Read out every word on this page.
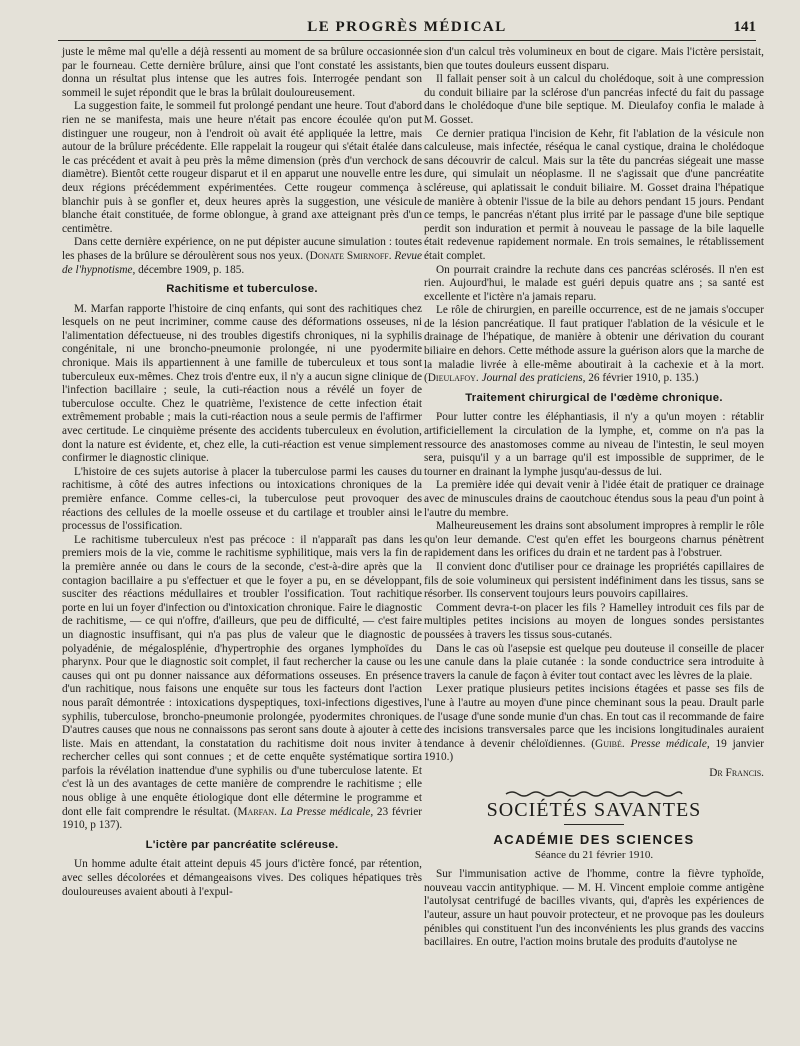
LE PROGRÈS MÉDICAL	141

juste le même mal qu'elle a déjà ressenti au moment de sa brûlure occasionnée par le fourneau. Cette dernière brûlure, ainsi que l'ont constaté les assistants, donna un résultat plus intense que les autres fois. Interrogée pendant son sommeil le sujet répondit que le bras la brûlait douloureusement.

La suggestion faite, le sommeil fut prolongé pendant une heure. Tout d'abord rien ne se manifesta, mais une heure n'était pas encore écoulée qu'on put distinguer une rougeur, non à l'endroit où avait été appliquée la lettre, mais autour de la brûlure précédente. Elle rappelait la rougeur qui s'était étalée dans le cas précédent et avait à peu près la même dimension (près d'un verchock de diamètre). Bientôt cette rougeur disparut et il en apparut une nouvelle entre les deux régions précédemment expérimentées. Cette rougeur commença à blanchir puis à se gonfler et, deux heures après la suggestion, une vésicule blanche était constituée, de forme oblongue, à grand axe atteignant près d'un centimètre.

Dans cette dernière expérience, on ne put dépister aucune simulation : toutes les phases de la brûlure se déroulèrent sous nos yeux. (Donate Smirnoff. Revue de l'hypnotisme, décembre 1909, p. 185.

Rachitisme et tuberculose.

M. Marfan rapporte l'histoire de cinq enfants, qui sont des rachitiques chez lesquels on ne peut incriminer, comme cause des déformations osseuses, ni l'alimentation défectueuse, ni des troubles digestifs chroniques, ni la syphilis congénitale, ni une broncho-pneumonie prolongée, ni une pyodermite chronique. Mais ils appartiennent à une famille de tuberculeux et tous sont tuberculeux eux-mêmes. Chez trois d'entre eux, il n'y a aucun signe clinique de l'infection bacillaire ; seule, la cuti-réaction nous a révélé un foyer de tuberculose occulte. Chez le quatrième, l'existence de cette infection était extrêmement probable ; mais la cuti-réaction nous a seule permis de l'affirmer avec certitude. Le cinquième présente des accidents tuberculeux en évolution, dont la nature est évidente, et, chez elle, la cuti-réaction est venue simplement confirmer le diagnostic clinique.

L'histoire de ces sujets autorise à placer la tuberculose parmi les causes du rachitisme, à côté des autres infections ou intoxications chroniques de la première enfance. Comme celles-ci, la tuberculose peut provoquer des réactions des cellules de la moelle osseuse et du cartilage et troubler ainsi le processus de l'ossification.

Le rachitisme tuberculeux n'est pas précoce : il n'apparaît pas dans les premiers mois de la vie, comme le rachitisme syphilitique, mais vers la fin de la première année ou dans le cours de la seconde, c'est-à-dire après que la contagion bacillaire a pu s'effectuer et que le foyer a pu, en se développant, susciter des réactions médullaires et troubler l'ossification. Tout rachitique porte en lui un foyer d'infection ou d'intoxication chronique. Faire le diagnostic de rachitisme, — ce qui n'offre, d'ailleurs, que peu de difficulté, — c'est faire un diagnostic insuffisant, qui n'a pas plus de valeur que le diagnostic de polyadénie, de mégalosplénie, d'hypertrophie des organes lymphoïdes du pharynx. Pour que le diagnostic soit complet, il faut rechercher la cause ou les causes qui ont pu donner naissance aux déformations osseuses. En présence d'un rachitique, nous faisons une enquête sur tous les facteurs dont l'action nous paraît démontrée : intoxications dyspeptiques, toxi-infections digestives, syphilis, tuberculose, broncho-pneumonie prolongée, pyodermites chroniques. D'autres causes que nous ne connaissons pas seront sans doute à ajouter à cette liste. Mais en attendant, la constatation du rachitisme doit nous inviter à rechercher celles qui sont connues ; et de cette enquête systématique sortira parfois la révélation inattendue d'une syphilis ou d'une tuberculose latente. Et c'est là un des avantages de cette manière de comprendre le rachitisme ; elle nous oblige à une enquête étiologique dont elle détermine le programme et dont elle fait comprendre le résultat. (Marfan. La Presse médicale, 23 février 1910, p 137).

L'ictère par pancréatite scléreuse.

Un homme adulte était atteint depuis 45 jours d'ictère foncé, par rétention, avec selles décolorées et démangeaisons vives. Des coliques hépatiques très douloureuses avaient abouti à l'expul-

sion d'un calcul très volumineux en bout de cigare. Mais l'ictère persistait, bien que toutes douleurs eussent disparu.

Il fallait penser soit à un calcul du cholédoque, soit à une compression du conduit biliaire par la sclérose d'un pancréas infecté du fait du passage dans le cholédoque d'une bile septique. M. Dieulafoy confia le malade à M. Gosset.

Ce dernier pratiqua l'incision de Kehr, fit l'ablation de la vésicule non calculeuse, mais infectée, réséqua le canal cystique, draina le cholédoque sans découvrir de calcul. Mais sur la tête du pancréas siégeait une masse dure, qui simulait un néoplasme. Il ne s'agissait que d'une pancréatite scléreuse, qui aplatissait le conduit biliaire. M. Gosset draina l'hépatique de manière à obtenir l'issue de la bile au dehors pendant 15 jours. Pendant ce temps, le pancréas n'étant plus irrité par le passage d'une bile septique perdit son induration et permit à nouveau le passage de la bile laquelle était redevenue rapidement normale. En trois semaines, le rétablissement était complet.

On pourrait craindre la rechute dans ces pancréas sclérosés. Il n'en est rien. Aujourd'hui, le malade est guéri depuis quatre ans ; sa santé est excellente et l'ictère n'a jamais reparu.

Le rôle de chirurgien, en pareille occurrence, est de ne jamais s'occuper de la lésion pancréatique. Il faut pratiquer l'ablation de la vésicule et le drainage de l'hépatique, de manière à obtenir une dérivation du courant biliaire en dehors. Cette méthode assure la guérison alors que la marche de la maladie livrée à elle-même aboutirait à la cachexie et à la mort. (Dieulafoy. Journal des praticiens, 26 février 1910, p. 135.)

Traitement chirurgical de l'œdème chronique.

Pour lutter contre les éléphantiasis, il n'y a qu'un moyen : rétablir artificiellement la circulation de la lymphe, et, comme on n'a pas la ressource des anastomoses comme au niveau de l'intestin, le seul moyen sera, puisqu'il y a un barrage qu'il est impossible de supprimer, de le tourner en drainant la lymphe jusqu'au-dessus de lui.

La première idée qui devait venir à l'idée était de pratiquer ce drainage avec de minuscules drains de caoutchouc étendus sous la peau d'un point à l'autre du membre.

Malheureusement les drains sont absolument impropres à remplir le rôle qu'on leur demande. C'est qu'en effet les bourgeons charnus pénètrent rapidement dans les orifices du drain et ne tardent pas à l'obstruer.

Il convient donc d'utiliser pour ce drainage les propriétés capillaires de fils de soie volumineux qui persistent indéfiniment dans les tissus, sans se résorber. Ils conservent toujours leurs pouvoirs capillaires.

Comment devra-t-on placer les fils ? Hamelley introduit ces fils par de multiples petites incisions au moyen de longues sondes persistantes poussées à travers les tissus sous-cutanés.

Dans le cas où l'asepsie est quelque peu douteuse il conseille de placer une canule dans la plaie cutanée : la sonde conductrice sera introduite à travers la canule de façon à éviter tout contact avec les lèvres de la plaie.

Lexer pratique plusieurs petites incisions étagées et passe ses fils de l'une à l'autre au moyen d'une pince cheminant sous la peau. Drault parle de l'usage d'une sonde munie d'un chas. En tout cas il recommande de faire des incisions transversales parce que les incisions longitudinales auraient tendance à devenir chéloïdiennes. (Guibé. Presse médicale, 19 janvier 1910.)

Dr Francis.
SOCIÉTÉS SAVANTES
ACADÉMIE DES SCIENCES
Séance du 21 février 1910.

Sur l'immunisation active de l'homme, contre la fièvre typhoïde, nouveau vaccin antityphique. — M. H. Vincent emploie comme antigène l'autolysat centrifugé de bacilles vivants, qui, d'après les expériences de l'auteur, assure un haut pouvoir protecteur, et ne provoque pas les douleurs pénibles qui constituent l'un des inconvénients les plus grands des vaccins bacillaires. En outre, l'action moins brutale des produits d'autolyse ne
